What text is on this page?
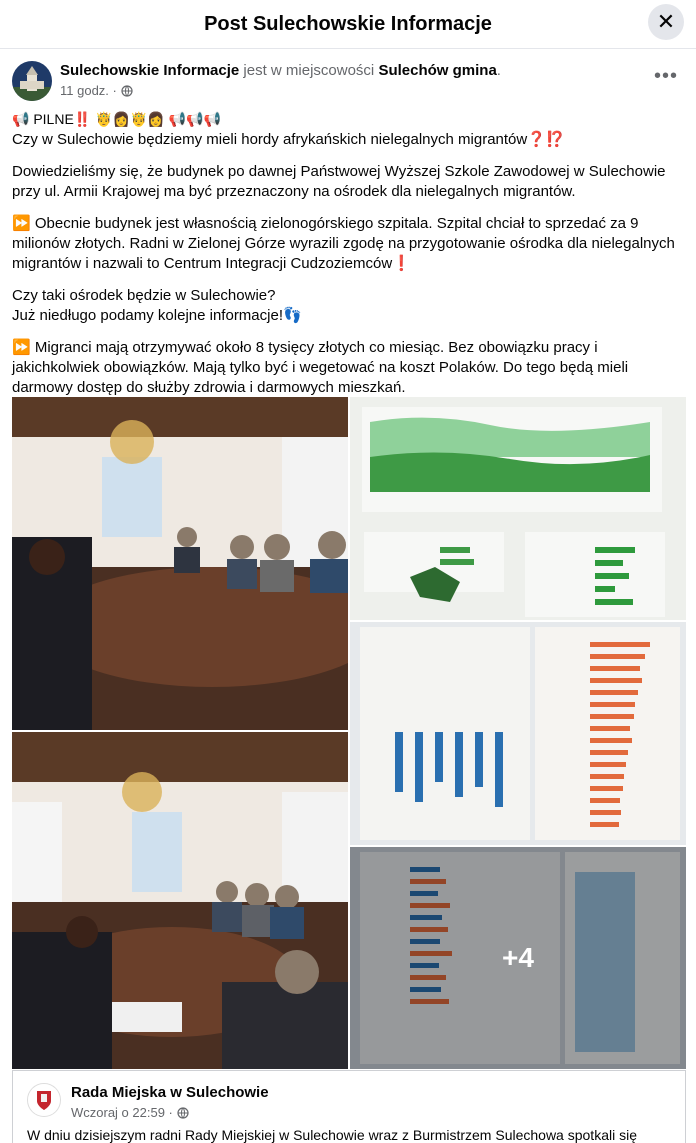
Post Sulechowskie Informacje	✕
Sulechowskie Informacje jest w miejscowości Sulechów gmina.
11 godz. ·
•••

📢 PILNE‼️ 🤴👩🤴👩 📢📢📢
Czy w Sulechowie będziemy mieli hordy afrykańskich nielegalnych migrantów❓⁉️

Dowiedzieliśmy się, że budynek po dawnej Państwowej Wyższej Szkole Zawodowej w Sulechowie przy ul. Armii Krajowej ma być przeznaczony na ośrodek dla nielegalnych migrantów.

⏩ Obecnie budynek jest własnością zielonogórskiego szpitala. Szpital chciał to sprzedać za 9 milionów złotych. Radni w Zielonej Górze wyrazili zgodę na przygotowanie ośrodka dla nielegalnych migrantów i nazwali to Centrum Integracji Cudzoziemców❗

Czy taki ośrodek będzie w Sulechowie?
Już niedługo podamy kolejne informacje!👣

⏩ Migranci mają otrzymywać około 8 tysięcy złotych co miesiąc. Bez obowiązku pracy i jakichkolwiek obowiązków. Mają tylko być i wegetować na koszt Polaków. Do tego będą mieli darmowy dostęp do służby zdrowia i darmowych mieszkań.

+4
Rada Miejska w Sulechowie
Wczoraj o 22:59 ·
W dniu dzisiejszym radni Rady Miejskiej w Sulechowie wraz z Burmistrzem Sulechowa spotkali się
